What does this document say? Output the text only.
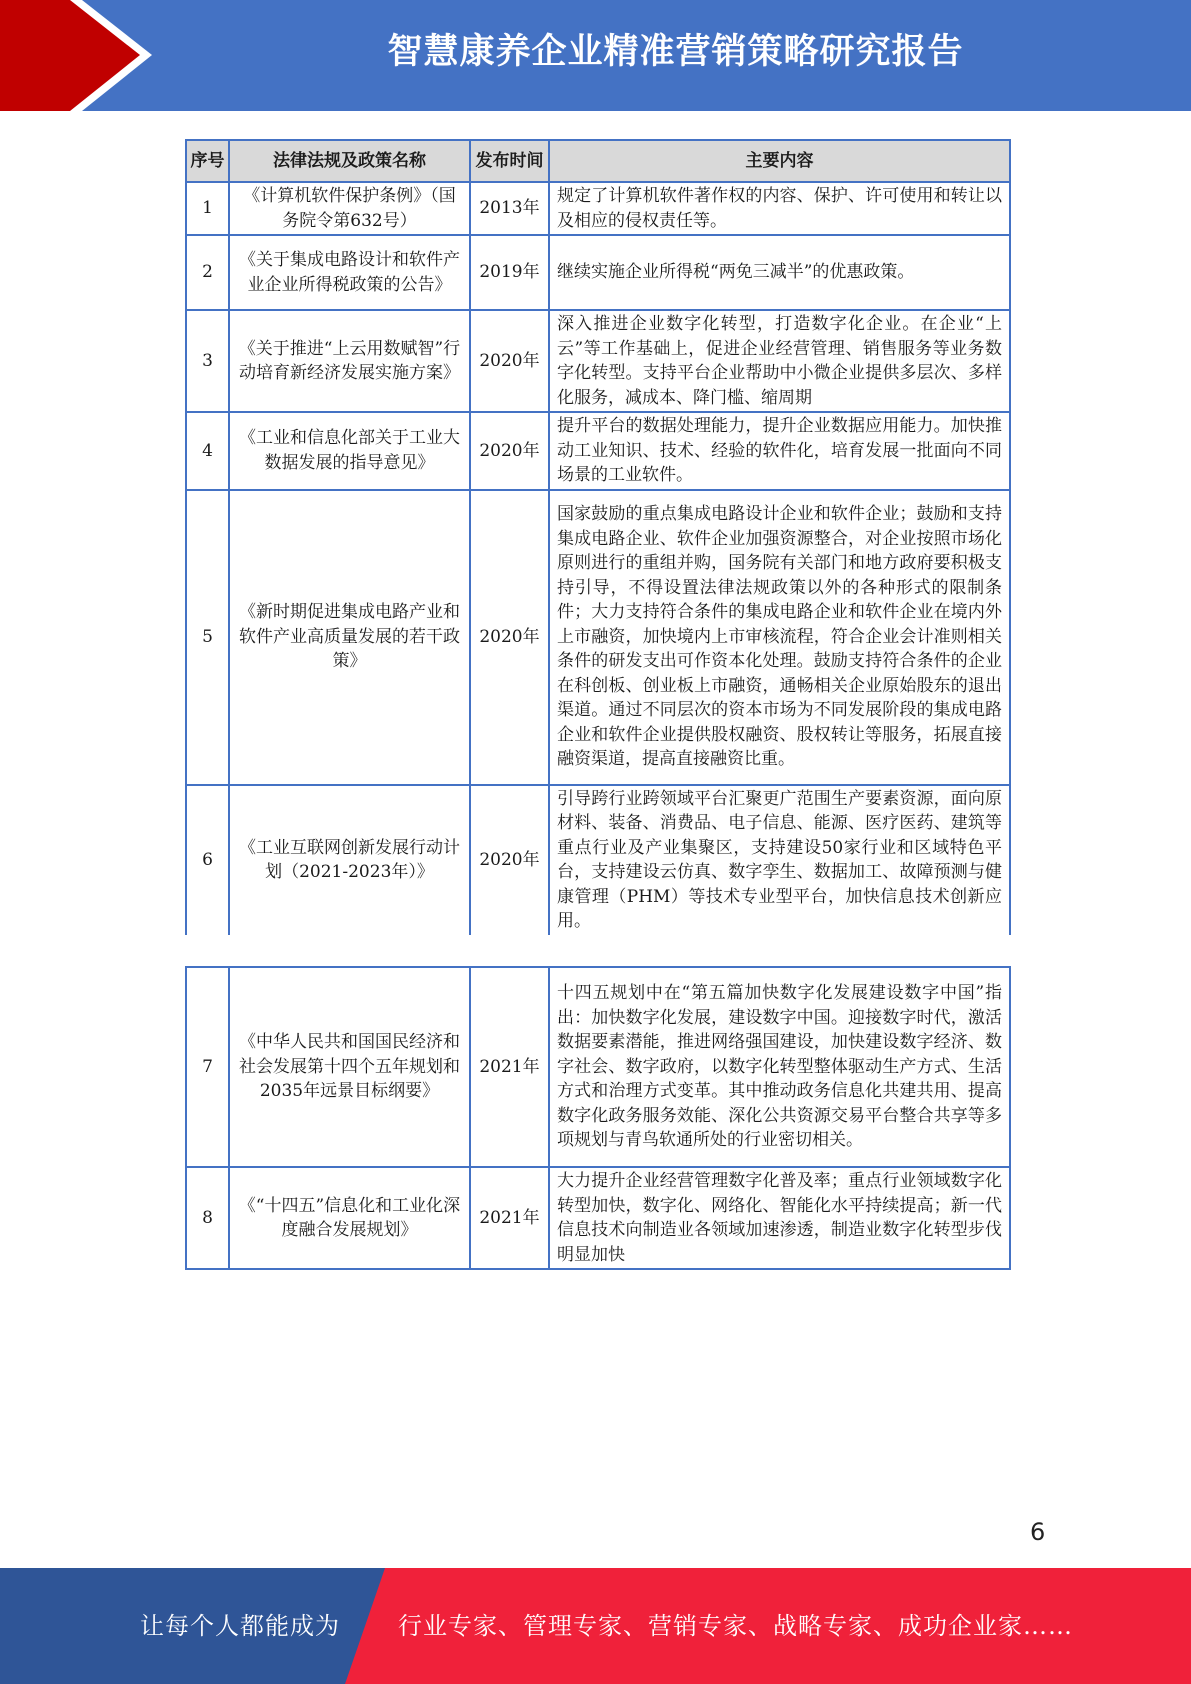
智慧康养企业精准营销策略研究报告
序号	法律法规及政策名称	发布时间	主要内容
1	《计算机软件保护条例》（国务院令第632号）	2013年	规定了计算机软件著作权的内容、保护、许可使用和转让以及相应的侵权责任等。
2	《关于集成电路设计和软件产业企业所得税政策的公告》	2019年	继续实施企业所得税“两免三减半”的优惠政策。
3	《关于推进“上云用数赋智”行动培育新经济发展实施方案》	2020年	深入推进企业数字化转型，打造数字化企业。在企业“上云”等工作基础上，促进企业经营管理、销售服务等业务数字化转型。支持平台企业帮助中小微企业提供多层次、多样化服务，减成本、降门槛、缩周期
4	《工业和信息化部关于工业大数据发展的指导意见》	2020年	提升平台的数据处理能力，提升企业数据应用能力。加快推动工业知识、技术、经验的软件化，培育发展一批面向不同场景的工业软件。
5	《新时期促进集成电路产业和软件产业高质量发展的若干政策》	2020年	国家鼓励的重点集成电路设计企业和软件企业；鼓励和支持集成电路企业、软件企业加强资源整合，对企业按照市场化原则进行的重组并购，国务院有关部门和地方政府要积极支持引导，不得设置法律法规政策以外的各种形式的限制条件；大力支持符合条件的集成电路企业和软件企业在境内外上市融资，加快境内上市审核流程，符合企业会计准则相关条件的研发支出可作资本化处理。鼓励支持符合条件的企业在科创板、创业板上市融资，通畅相关企业原始股东的退出渠道。通过不同层次的资本市场为不同发展阶段的集成电路企业和软件企业提供股权融资、股权转让等服务，拓展直接融资渠道，提高直接融资比重。
6	《工业互联网创新发展行动计划（2021-2023年）》	2020年	引导跨行业跨领域平台汇聚更广范围生产要素资源，面向原材料、装备、消费品、电子信息、能源、医疗医药、建筑等重点行业及产业集聚区，支持建设50家行业和区域特色平台，支持建设云仿真、数字孪生、数据加工、故障预测与健康管理（PHM）等技术专业型平台，加快信息技术创新应用。
7	《中华人民共和国国民经济和社会发展第十四个五年规划和2035年远景目标纲要》	2021年	十四五规划中在“第五篇加快数字化发展建设数字中国”指出：加快数字化发展，建设数字中国。迎接数字时代，激活数据要素潜能，推进网络强国建设，加快建设数字经济、数字社会、数字政府，以数字化转型整体驱动生产方式、生活方式和治理方式变革。其中推动政务信息化共建共用、提高数字化政务服务效能、深化公共资源交易平台整合共享等多项规划与青鸟软通所处的行业密切相关。
8	《“十四五”信息化和工业化深度融合发展规划》	2021年	大力提升企业经营管理数字化普及率；重点行业领域数字化转型加快，数字化、网络化、智能化水平持续提高；新一代信息技术向制造业各领域加速渗透，制造业数字化转型步伐明显加快
6
让每个人都能成为 行业专家、管理专家、营销专家、战略专家、成功企业家……
